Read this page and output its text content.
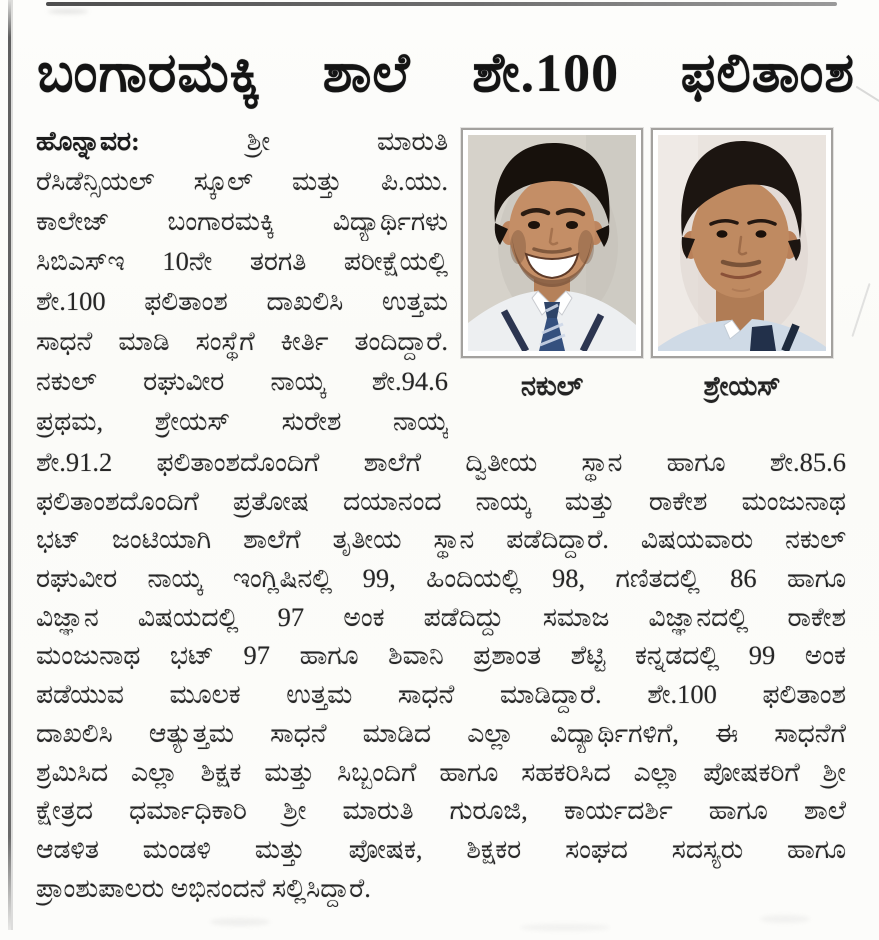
ಬಂಗಾರಮಕ್ಕಿ ಶಾಲೆ ಶೇ.100 ಫಲಿತಾಂಶ
ಹೊನ್ನಾವರ:	ಶ್ರೀ ಮಾರುತಿ
ರೆಸಿಡೆನ್ಸಿಯಲ್ ಸ್ಕೂಲ್ ಮತ್ತು ಪಿ.ಯು.
ಕಾಲೇಜ್ ಬಂಗಾರಮಕ್ಕಿ ವಿದ್ಯಾರ್ಥಿಗಳು
ಸಿಬಿಎಸ್‌ಇ 10ನೇ ತರಗತಿ ಪರೀಕ್ಷೆಯಲ್ಲಿ
ಶೇ.100 ಫಲಿತಾಂಶ ದಾಖಲಿಸಿ ಉತ್ತಮ
ಸಾಧನೆ ಮಾಡಿ ಸಂಸ್ಥೆಗೆ ಕೀರ್ತಿ ತಂದಿದ್ದಾರೆ.
ನಕುಲ್ ರಘುವೀರ ನಾಯ್ಕ ಶೇ.94.6
ಪ್ರಥಮ, ಶ್ರೇಯಸ್ ಸುರೇಶ ನಾಯ್ಕ
ನಕುಲ್	ಶ್ರೇಯಸ್
ಶೇ.91.2 ಫಲಿತಾಂಶದೊಂದಿಗೆ ಶಾಲೆಗೆ ದ್ವಿತೀಯ ಸ್ಥಾನ ಹಾಗೂ ಶೇ.85.6
ಫಲಿತಾಂಶದೊಂದಿಗೆ ಪ್ರತೋಷ ದಯಾನಂದ ನಾಯ್ಕ ಮತ್ತು ರಾಕೇಶ ಮಂಜುನಾಥ
ಭಟ್ ಜಂಟಿಯಾಗಿ ಶಾಲೆಗೆ ತೃತೀಯ ಸ್ಥಾನ ಪಡೆದಿದ್ದಾರೆ. ವಿಷಯವಾರು ನಕುಲ್
ರಘುವೀರ ನಾಯ್ಕ ಇಂಗ್ಲಿಷಿನಲ್ಲಿ 99, ಹಿಂದಿಯಲ್ಲಿ 98, ಗಣಿತದಲ್ಲಿ 86 ಹಾಗೂ
ವಿಜ್ಞಾನ ವಿಷಯದಲ್ಲಿ 97 ಅಂಕ ಪಡೆದಿದ್ದು ಸಮಾಜ ವಿಜ್ಞಾನದಲ್ಲಿ ರಾಕೇಶ
ಮಂಜುನಾಥ ಭಟ್ 97 ಹಾಗೂ ಶಿವಾನಿ ಪ್ರಶಾಂತ ಶೆಟ್ಟಿ ಕನ್ನಡದಲ್ಲಿ 99 ಅಂಕ
ಪಡೆಯುವ ಮೂಲಕ ಉತ್ತಮ ಸಾಧನೆ ಮಾಡಿದ್ದಾರೆ. ಶೇ.100 ಫಲಿತಾಂಶ
ದಾಖಲಿಸಿ ಆತ್ಯುತ್ತಮ ಸಾಧನೆ ಮಾಡಿದ ಎಲ್ಲಾ ವಿದ್ಯಾರ್ಥಿಗಳಿಗೆ, ಈ ಸಾಧನೆಗೆ
ಶ್ರಮಿಸಿದ ಎಲ್ಲಾ ಶಿಕ್ಷಕ ಮತ್ತು ಸಿಬ್ಬಂದಿಗೆ ಹಾಗೂ ಸಹಕರಿಸಿದ ಎಲ್ಲಾ ಪೋಷಕರಿಗೆ ಶ್ರೀ
ಕ್ಷೇತ್ರದ ಧರ್ಮಾಧಿಕಾರಿ ಶ್ರೀ ಮಾರುತಿ ಗುರೂಜಿ, ಕಾರ್ಯದರ್ಶಿ ಹಾಗೂ ಶಾಲೆ
ಆಡಳಿತ ಮಂಡಳಿ ಮತ್ತು ಪೋಷಕ, ಶಿಕ್ಷಕರ ಸಂಘದ ಸದಸ್ಯರು ಹಾಗೂ
ಪ್ರಾಂಶುಪಾಲರು ಅಭಿನಂದನೆ ಸಲ್ಲಿಸಿದ್ದಾರೆ.
